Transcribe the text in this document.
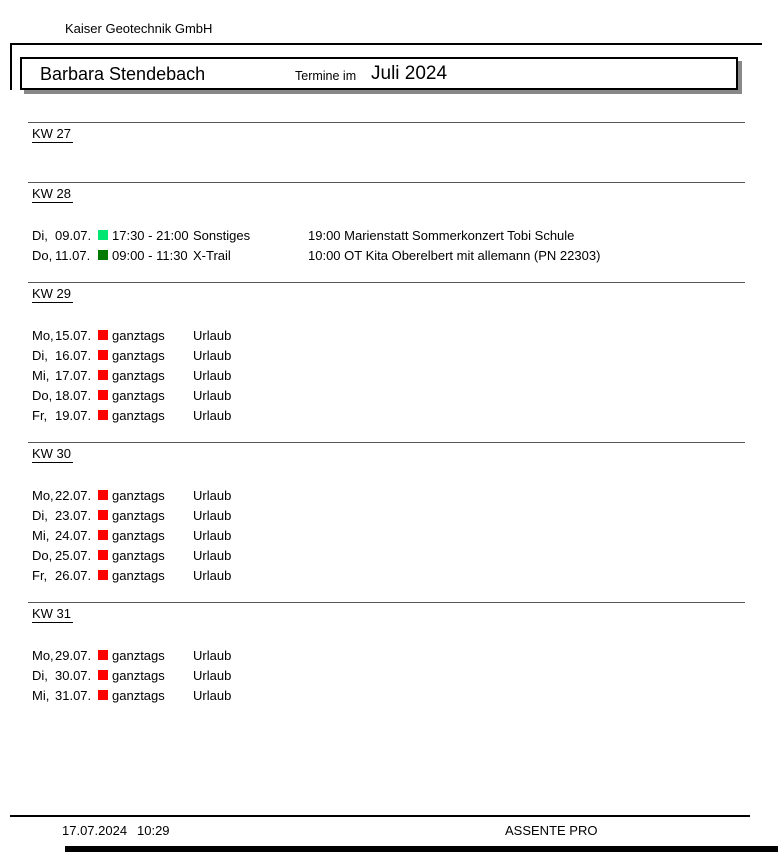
Kaiser Geotechnik GmbH
Barbara Stendebach	Termine im Juli 2024
KW 27
KW 28
Di, 09.07. 17:30 - 21:00 Sonstiges	19:00 Marienstatt Sommerkonzert Tobi Schule
Do, 11.07. 09:00 - 11:30 X-Trail	10:00 OT Kita Oberelbert mit allemann (PN 22303)
KW 29
Mo, 15.07. ganztags Urlaub
Di, 16.07. ganztags Urlaub
Mi, 17.07. ganztags Urlaub
Do, 18.07. ganztags Urlaub
Fr, 19.07. ganztags Urlaub
KW 30
Mo, 22.07. ganztags Urlaub
Di, 23.07. ganztags Urlaub
Mi, 24.07. ganztags Urlaub
Do, 25.07. ganztags Urlaub
Fr, 26.07. ganztags Urlaub
KW 31
Mo, 29.07. ganztags Urlaub
Di, 30.07. ganztags Urlaub
Mi, 31.07. ganztags Urlaub
17.07.2024 10:29	ASSENTE PRO
